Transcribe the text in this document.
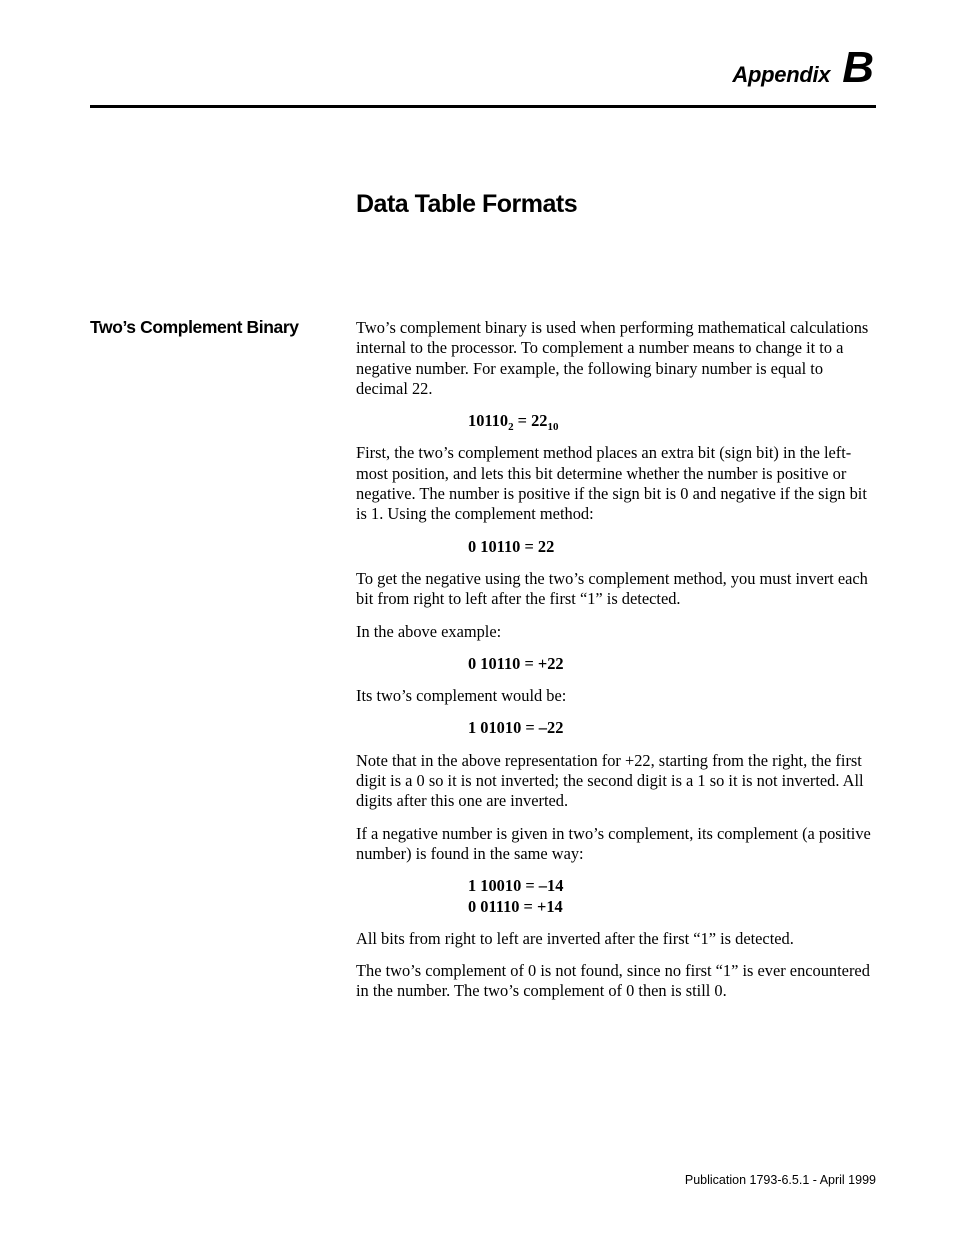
Appendix B
Data Table Formats
Two’s Complement Binary	Two’s complement binary is used when performing mathematical calculations internal to the processor. To complement a number means to change it to a negative number. For example, the following binary number is equal to decimal 22.

$10110_2 = 22_{10}$

First, the two’s complement method places an extra bit (sign bit) in the left-most position, and lets this bit determine whether the number is positive or negative. The number is positive if the sign bit is 0 and negative if the sign bit is 1. Using the complement method:

0 10110 = 22

To get the negative using the two’s complement method, you must invert each bit from right to left after the first “1” is detected.

In the above example:

0 10110 = +22

Its two’s complement would be:

1 01010 = –22

Note that in the above representation for +22, starting from the right, the first digit is a 0 so it is not inverted; the second digit is a 1 so it is not inverted. All digits after this one are inverted.

If a negative number is given in two’s complement, its complement (a positive number) is found in the same way:

1 10010 = –14
0 01110 = +14

All bits from right to left are inverted after the first “1” is detected.

The two’s complement of 0 is not found, since no first “1” is ever encountered in the number. The two’s complement of 0 then is still 0.

Publication 1793-6.5.1 - April 1999
